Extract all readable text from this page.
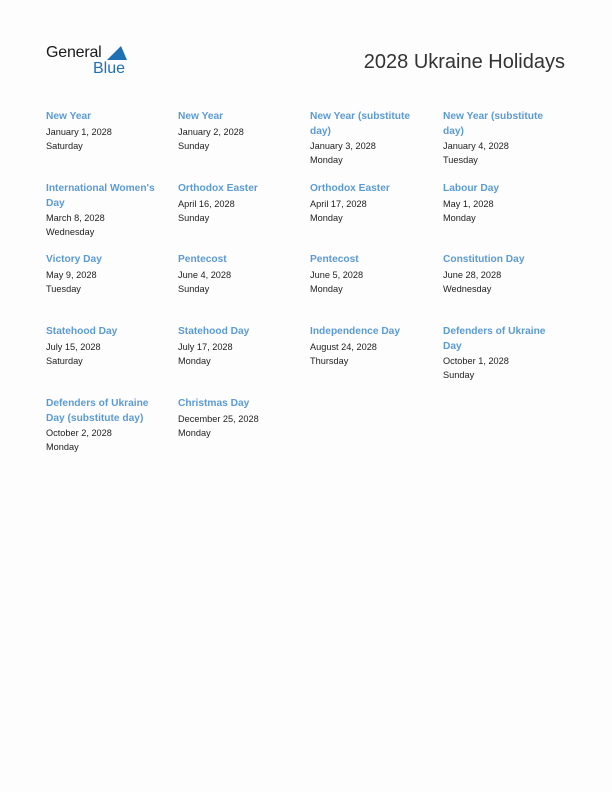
General
Blue	2028 Ukraine Holidays
New Year
January 1, 2028
Saturday
New Year
January 2, 2028
Sunday
New Year (substitute day)
January 3, 2028
Monday
New Year (substitute day)
January 4, 2028
Tuesday
International Women's Day
March 8, 2028
Wednesday
Orthodox Easter
April 16, 2028
Sunday
Orthodox Easter
April 17, 2028
Monday
Labour Day
May 1, 2028
Monday
Victory Day
May 9, 2028
Tuesday
Pentecost
June 4, 2028
Sunday
Pentecost
June 5, 2028
Monday
Constitution Day
June 28, 2028
Wednesday
Statehood Day
July 15, 2028
Saturday
Statehood Day
July 17, 2028
Monday
Independence Day
August 24, 2028
Thursday
Defenders of Ukraine Day
October 1, 2028
Sunday
Defenders of Ukraine Day (substitute day)
October 2, 2028
Monday
Christmas Day
December 25, 2028
Monday
